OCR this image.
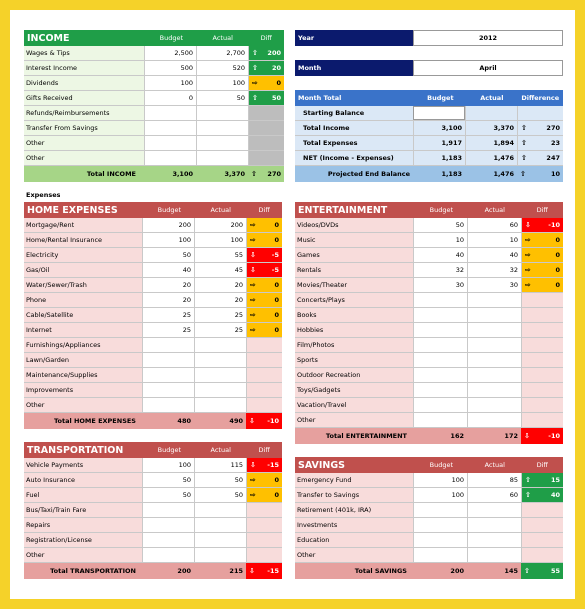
INCOME	Budget	Actual	Diff
Wages & Tips	2,500	2,700	⇧ 200
Interest Income	500	520	⇧ 20
Dividends	100	100	⇨	0
Gifts Received	0	50	⇧ 50
Refunds/Reimbursements
Transfer From Savings
Other
Other
Total INCOME	3,100	3,370 ⇧ 270
Year	2012
Month	April
Month Total	Budget	Actual	Difference
Starting Balance
Total Income	3,100	3,370	⇧	270
Total Expenses	1,917	1,894	⇧	23
NET (Income - Expenses)	1,183	1,476	⇧	247
Projected End Balance	1,183	1,476 ⇧	10
Expenses
HOME EXPENSES	Budget	Actual	Diff
Mortgage/Rent	200	200	⇨	0
Home/Rental Insurance	100	100	⇨	0
Electricity	50	55	⇩ -5
Gas/Oil	40	45	⇩ -5
Water/Sewer/Trash	20	20	⇨	0
Phone	20	20	⇨	0
Cable/Satellite	25	25	⇨	0
Internet	25	25	⇨	0
Furnishings/Appliances
Lawn/Garden
Maintenance/Supplies
Improvements
Other
Total HOME EXPENSES	480	490 ⇩ -10
ENTERTAINMENT	Budget	Actual	Diff
Videos/DVDs	50	60	⇩	-10
Music	10	10	⇨	0
Games	40	40	⇨	0
Rentals	32	32	⇨	0
Movies/Theater	30	30	⇨	0
Concerts/Plays
Books
Hobbies
Film/Photos
Sports
Outdoor Recreation
Toys/Gadgets
Vacation/Travel
Other
Total ENTERTAINMENT	162	172 ⇩	-10
TRANSPORTATION	Budget	Actual	Diff
Vehicle Payments	100	115	⇩ -15
Auto Insurance	50	50	⇨	0
Fuel	50	50	⇨	0
Bus/Taxi/Train Fare
Repairs
Registration/License
Other
Total TRANSPORTATION	200	215 ⇩ -15
SAVINGS	Budget	Actual	Diff
Emergency Fund	100	85	⇧	15
Transfer to Savings	100	60	⇧	40
Retirement (401k, IRA)
Investments
Education
Other
Total SAVINGS	200	145 ⇧	55
